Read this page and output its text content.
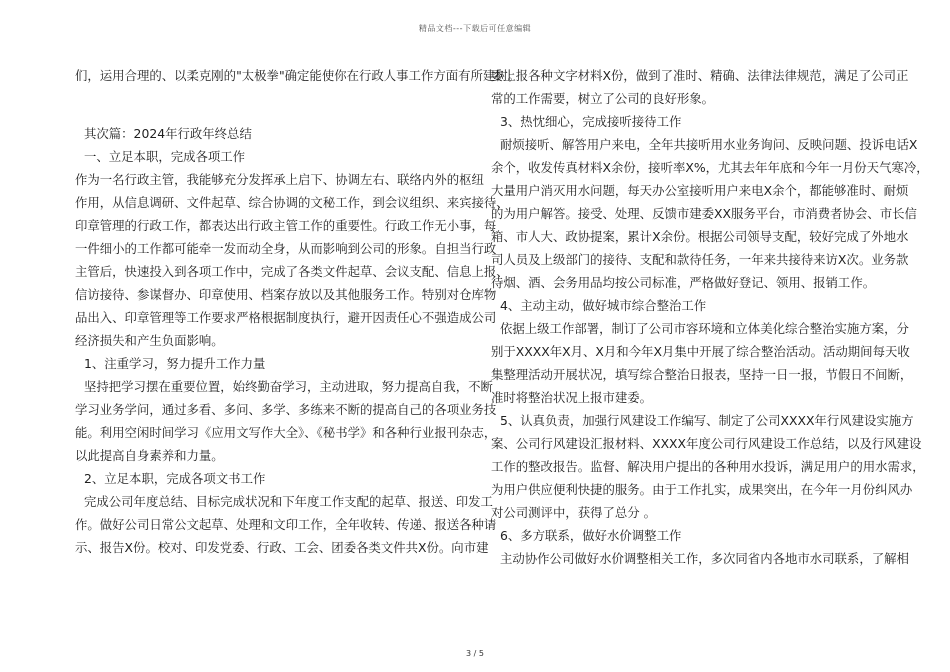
精品文档---下载后可任意编辑
们，运用合理的、以柔克刚的"太极拳"确定能使你在行政人事工作方面有所建树。
其次篇：2024年行政年终总结
一、立足本职，完成各项工作
作为一名行政主管，我能够充分发挥承上启下、协调左右、联络内外的枢纽
作用，从信息调研、文件起草、综合协调的文秘工作，到会议组织、来宾接待、
印章管理的行政工作，都表达出行政主管工作的重要性。行政工作无小事，每
一件细小的工作都可能牵一发而动全身，从而影响到公司的形象。自担当行政
主管后，快速投入到各项工作中，完成了各类文件起草、会议支配、信息上报、
信访接待、参谋督办、印章使用、档案存放以及其他服务工作。特别对仓库物
品出入、印章管理等工作要求严格根据制度执行，避开因责任心不强造成公司
经济损失和产生负面影响。
1、注重学习，努力提升工作力量
坚持把学习摆在重要位置，始终勤奋学习，主动进取，努力提高自我，不断
学习业务学问，通过多看、多问、多学、多练来不断的提高自己的各项业务技
能。利用空闲时间学习《应用文写作大全》、《秘书学》和各种行业报刊杂志，
以此提高自身素养和力量。
2、立足本职，完成各项文书工作
完成公司年度总结、目标完成状况和下年度工作支配的起草、报送、印发工
作。做好公司日常公文起草、处理和文印工作，全年收转、传递、报送各种请
示、报告X份。校对、印发党委、行政、工会、团委各类文件共X份。向市建
委上报各种文字材料X份，做到了准时、精确、法律法律规范，满足了公司正
常的工作需要，树立了公司的良好形象。
3、热忱细心，完成接听接待工作
耐烦接听、解答用户来电，全年共接听用水业务询问、反映问题、投诉电话X
余个，收发传真材料X余份，接听率X%，尤其去年年底和今年一月份天气寒冷，
大量用户消灭用水问题，每天办公室接听用户来电X余个，都能够准时、耐烦
的为用户解答。接受、处理、反馈市建委XX服务平台，市消费者协会、市长信
箱、市人大、政协提案，累计X余份。根据公司领导支配，较好完成了外地水
司人员及上级部门的接待、支配和款待任务，一年来共接待来访X次。业务款
待烟、酒、会务用品均按公司标准，严格做好登记、领用、报销工作。
4、主动主动，做好城市综合整治工作
依据上级工作部署，制订了公司市容环境和立体美化综合整治实施方案，分
别于XXXX年X月、X月和今年X月集中开展了综合整治活动。活动期间每天收
集整理活动开展状况，填写综合整治日报表，坚持一日一报，节假日不间断，
准时将整治状况上报市建委。
5、认真负责，加强行风建设工作编写、制定了公司XXXX年行风建设实施方
案、公司行风建设汇报材料、XXXX年度公司行风建设工作总结，以及行风建设
工作的整改报告。监督、解决用户提出的各种用水投诉，满足用户的用水需求，
为用户供应便利快捷的服务。由于工作扎实，成果突出，在今年一月份纠风办
对公司测评中，获得了总分 。
6、多方联系，做好水价调整工作
主动协作公司做好水价调整相关工作，多次同省内各地市水司联系，了解相
3 / 5
